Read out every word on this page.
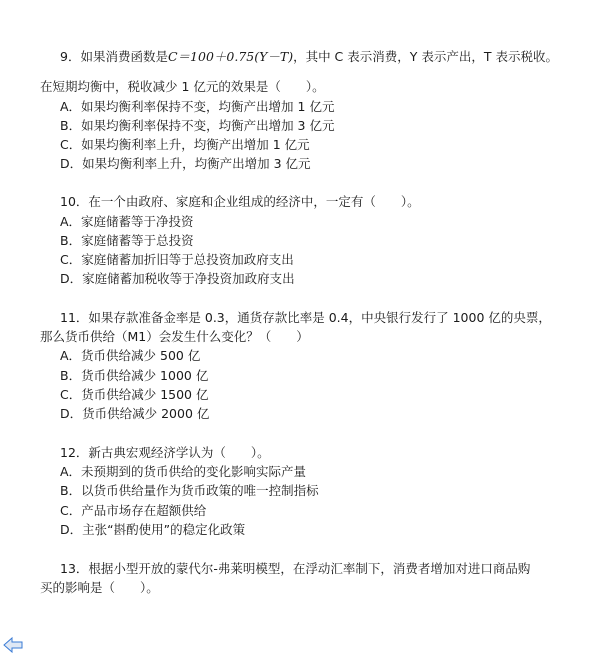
9．如果消费函数是C＝100＋0.75(Y－T)，其中 C 表示消费，Y 表示产出，T 表示税收。
在短期均衡中，税收减少 1 亿元的效果是（　　）。
A．如果均衡利率保持不变，均衡产出增加 1 亿元
B．如果均衡利率保持不变，均衡产出增加 3 亿元
C．如果均衡利率上升，均衡产出增加 1 亿元
D．如果均衡利率上升，均衡产出增加 3 亿元
10．在一个由政府、家庭和企业组成的经济中，一定有（　　）。
A．家庭储蓄等于净投资
B．家庭储蓄等于总投资
C．家庭储蓄加折旧等于总投资加政府支出
D．家庭储蓄加税收等于净投资加政府支出
11．如果存款准备金率是 0.3，通货存款比率是 0.4，中央银行发行了 1000 亿的央票，
那么货币供给（M1）会发生什么变化？（　　）
A．货币供给减少 500 亿
B．货币供给减少 1000 亿
C．货币供给减少 1500 亿
D．货币供给减少 2000 亿
12．新古典宏观经济学认为（　　）。
A．未预期到的货币供给的变化影响实际产量
B．以货币供给量作为货币政策的唯一控制指标
C．产品市场存在超额供给
D．主张“斟酌使用”的稳定化政策
13．根据小型开放的蒙代尔-弗莱明模型，在浮动汇率制下，消费者增加对进口商品购
买的影响是（　　）。
